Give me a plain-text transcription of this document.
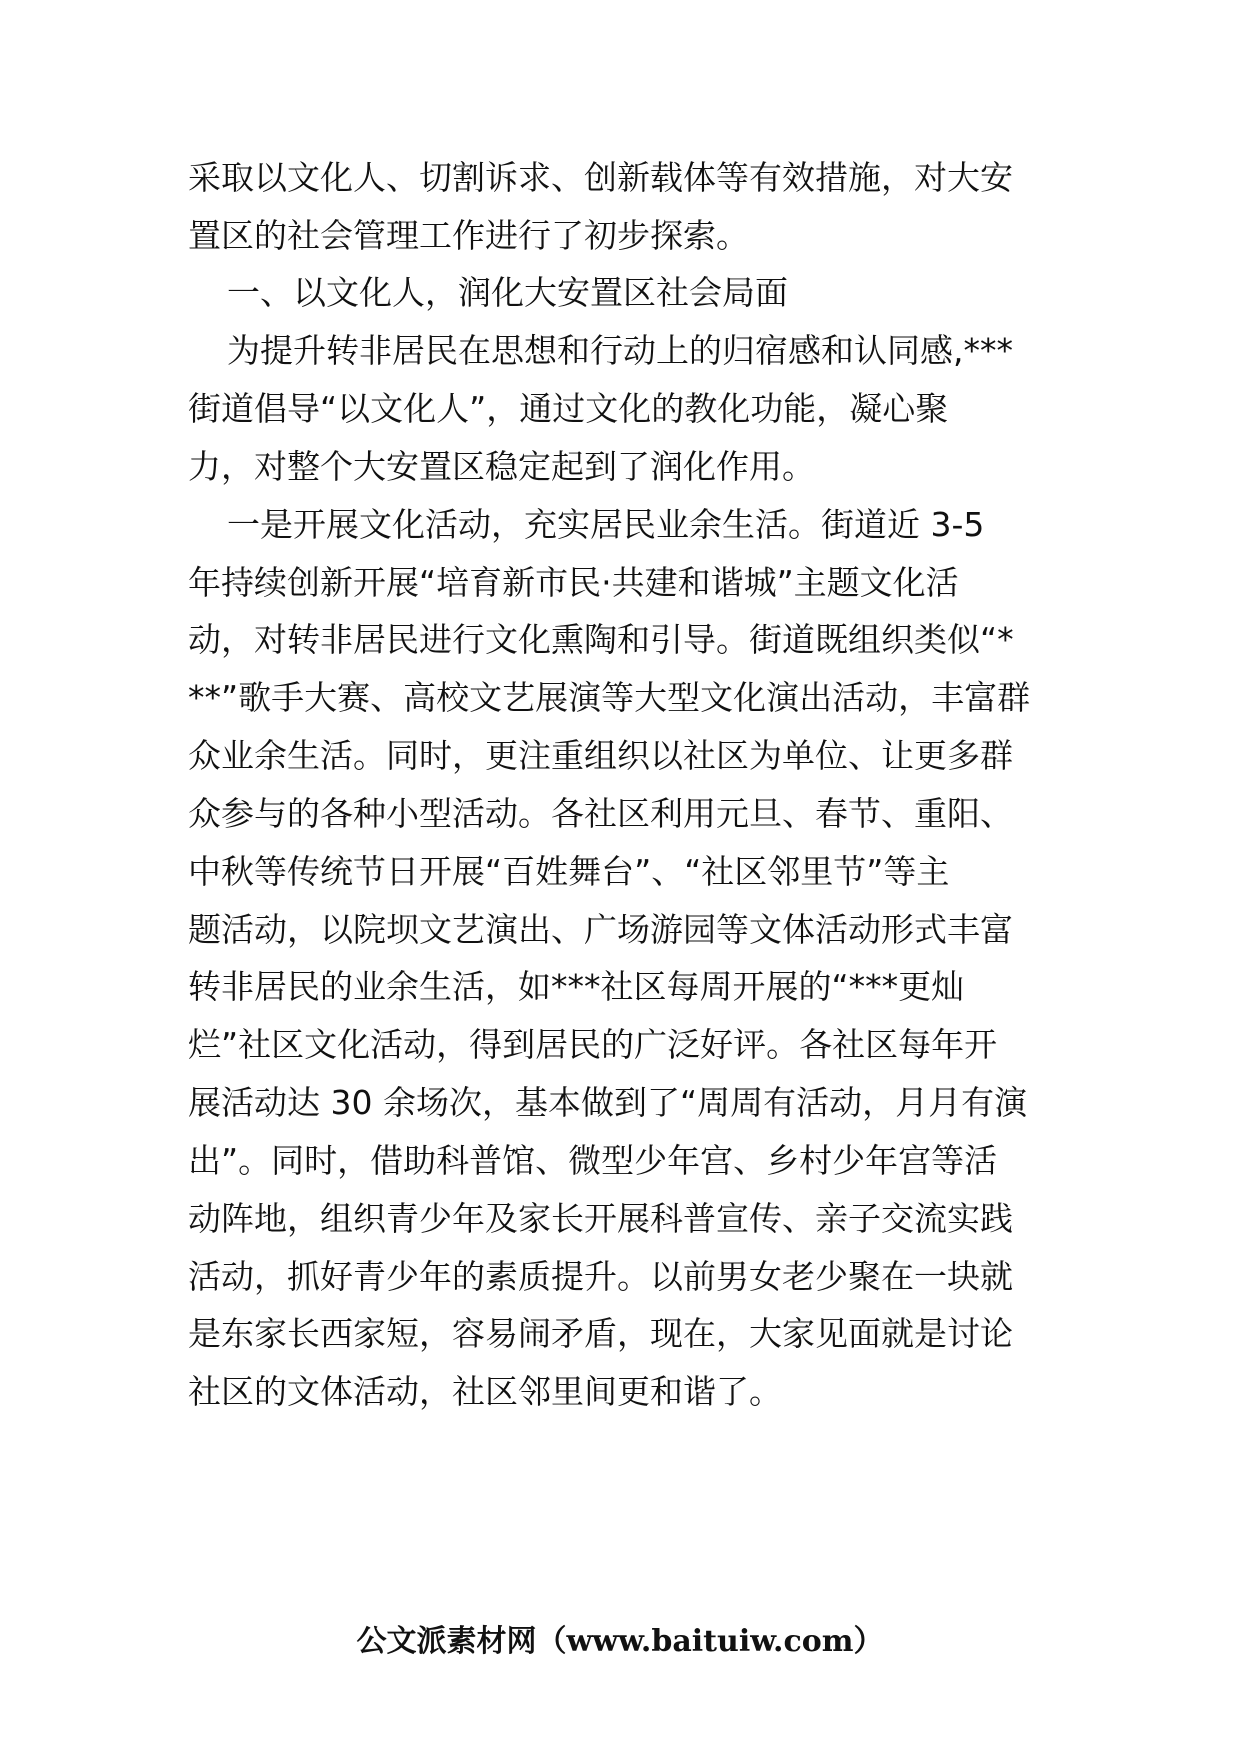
采取以文化人、切割诉求、创新载体等有效措施，对大安
置区的社会管理工作进行了初步探索。
一、以文化人，润化大安置区社会局面
为提升转非居民在思想和行动上的归宿感和认同感,***
街道倡导“以文化人”，通过文化的教化功能，凝心聚
力，对整个大安置区稳定起到了润化作用。
一是开展文化活动，充实居民业余生活。街道近 3-5
年持续创新开展“培育新市民·共建和谐城”主题文化活
动，对转非居民进行文化熏陶和引导。街道既组织类似“*
**”歌手大赛、高校文艺展演等大型文化演出活动，丰富群
众业余生活。同时，更注重组织以社区为单位、让更多群
众参与的各种小型活动。各社区利用元旦、春节、重阳、
中秋等传统节日开展“百姓舞台”、“社区邻里节”等主
题活动，以院坝文艺演出、广场游园等文体活动形式丰富
转非居民的业余生活，如***社区每周开展的“***更灿
烂”社区文化活动，得到居民的广泛好评。各社区每年开
展活动达 30 余场次，基本做到了“周周有活动，月月有演
出”。同时，借助科普馆、微型少年宫、乡村少年宫等活
动阵地，组织青少年及家长开展科普宣传、亲子交流实践
活动，抓好青少年的素质提升。以前男女老少聚在一块就
是东家长西家短，容易闹矛盾，现在，大家见面就是讨论
社区的文体活动，社区邻里间更和谐了。
公文派素材网（www.baituiw.com）
